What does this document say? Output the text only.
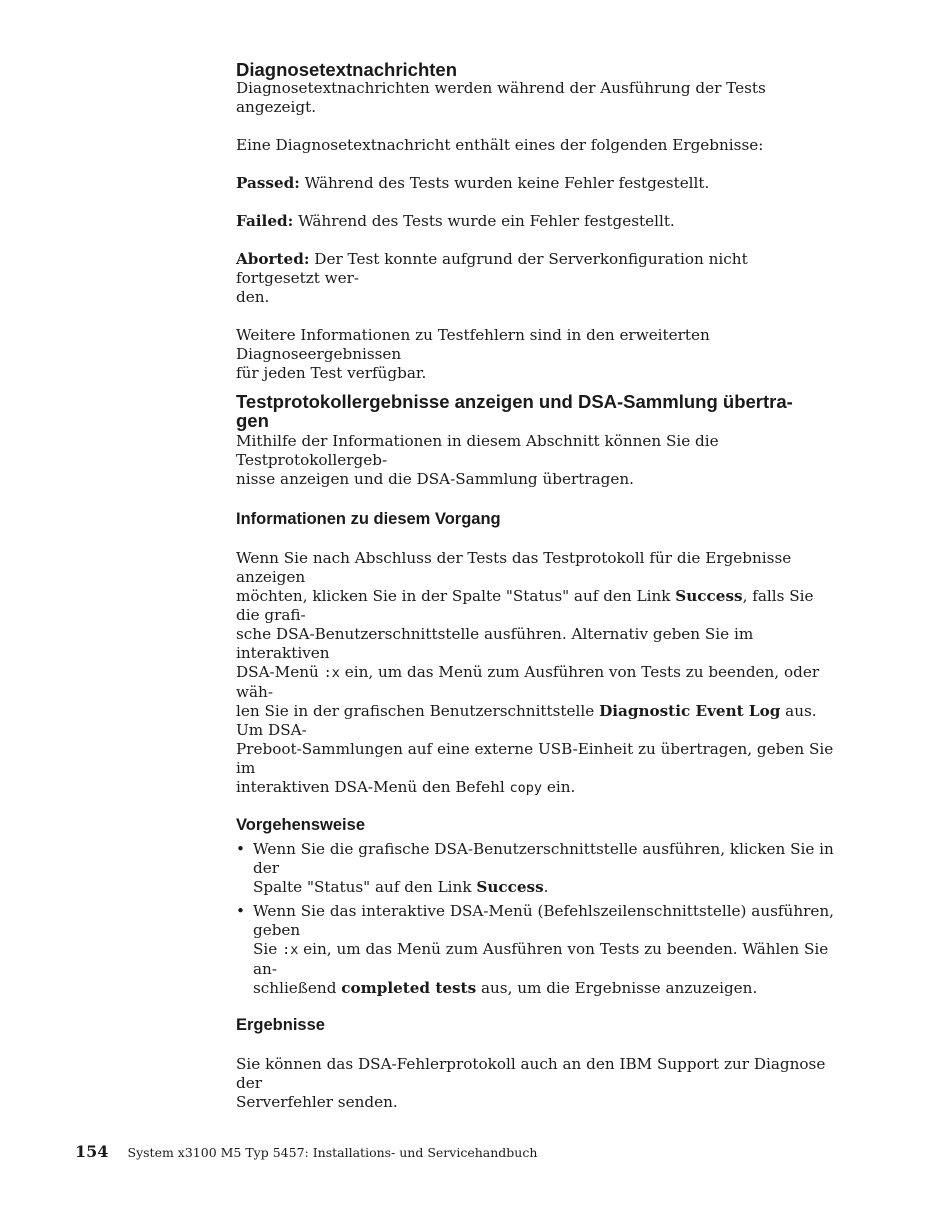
Diagnosetextnachrichten

Diagnosetextnachrichten werden während der Ausführung der Tests angezeigt.

Eine Diagnosetextnachricht enthält eines der folgenden Ergebnisse:

Passed: Während des Tests wurden keine Fehler festgestellt.

Failed: Während des Tests wurde ein Fehler festgestellt.

Aborted: Der Test konnte aufgrund der Serverkonfiguration nicht fortgesetzt wer-
den.

Weitere Informationen zu Testfehlern sind in den erweiterten Diagnoseergebnissen
für jeden Test verfügbar.

Testprotokollergebnisse anzeigen und DSA-Sammlung übertra-
gen

Mithilfe der Informationen in diesem Abschnitt können Sie die Testprotokollergeb-
nisse anzeigen und die DSA-Sammlung übertragen.

Informationen zu diesem Vorgang

Wenn Sie nach Abschluss der Tests das Testprotokoll für die Ergebnisse anzeigen
möchten, klicken Sie in der Spalte "Status" auf den Link Success, falls Sie die grafi-
sche DSA-Benutzerschnittstelle ausführen. Alternativ geben Sie im interaktiven
DSA-Menü :x ein, um das Menü zum Ausführen von Tests zu beenden, oder wäh-
len Sie in der grafischen Benutzerschnittstelle Diagnostic Event Log aus. Um DSA-
Preboot-Sammlungen auf eine externe USB-Einheit zu übertragen, geben Sie im
interaktiven DSA-Menü den Befehl copy ein.

Vorgehensweise
• Wenn Sie die grafische DSA-Benutzerschnittstelle ausführen, klicken Sie in der
Spalte "Status" auf den Link Success.
• Wenn Sie das interaktive DSA-Menü (Befehlszeilenschnittstelle) ausführen, geben
Sie :x ein, um das Menü zum Ausführen von Tests zu beenden. Wählen Sie an-
schließend completed tests aus, um die Ergebnisse anzuzeigen.
Ergebnisse

Sie können das DSA-Fehlerprotokoll auch an den IBM Support zur Diagnose der
Serverfehler senden.

154 System x3100 M5 Typ 5457: Installations- und Servicehandbuch
